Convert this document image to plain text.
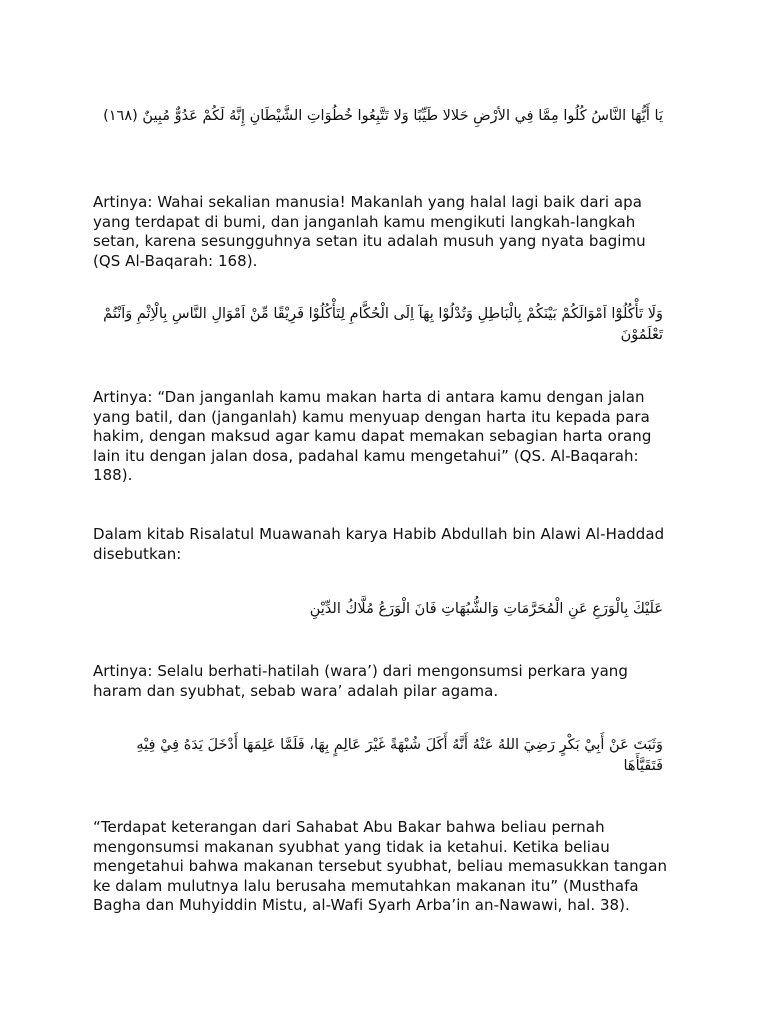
يَا أَيُّهَا النَّاسُ كُلُوا مِمَّا فِي الأرْضِ حَلالا طَيِّبًا وَلا تَتَّبِعُوا خُطُوَاتِ الشَّيْطَانِ إِنَّهُ لَكُمْ عَدُوٌّ مُبِينٌ (١٦٨)

Artinya: Wahai sekalian manusia! Makanlah yang halal lagi baik dari apa yang terdapat di bumi, dan janganlah kamu mengikuti langkah-langkah setan, karena sesungguhnya setan itu adalah musuh yang nyata bagimu (QS Al-Baqarah: 168).

وَلَا تَأْكُلُوْٓا اَمْوَالَكُمْ بَيْنَكُمْ بِالْبَاطِلِ وَتُدْلُوْا بِهَآ اِلَى الْحُكَّامِ لِتَأْكُلُوْا فَرِيْقًا مِّنْ اَمْوَالِ النَّاسِ بِالْاِثْمِ وَاَنْتُمْ تَعْلَمُوْنَ

Artinya: “Dan janganlah kamu makan harta di antara kamu dengan jalan yang batil, dan (janganlah) kamu menyuap dengan harta itu kepada para hakim, dengan maksud agar kamu dapat memakan sebagian harta orang lain itu dengan jalan dosa, padahal kamu mengetahui” (QS. Al-Baqarah: 188).

Dalam kitab Risalatul Muawanah karya Habib Abdullah bin Alawi Al-Haddad disebutkan:

عَلَيْكَ بِالْوَرَعِ عَنِ الْمُحَرَّمَاتِ وَالشُّبُهَاتِ فَانَ الْوَرَعُ مُلَّاكُ الدِّيْنِ

Artinya: Selalu berhati-hatilah (wara’) dari mengonsumsi perkara yang haram dan syubhat, sebab wara’ adalah pilar agama.

وَثَبَتَ عَنْ أَبِيْ بَكْرٍ رَضِيَ اللهُ عَنْهُ أَنَّهُ أَكَلَ شُبْهَةً غَيْرَ عَالِمٍ بِهَا، فَلَمَّا عَلِمَهَا أَدْخَلَ يَدَهُ فِيْ فِيْهِ فَتَقَيَّأَهَا

“Terdapat keterangan dari Sahabat Abu Bakar bahwa beliau pernah mengonsumsi makanan syubhat yang tidak ia ketahui. Ketika beliau mengetahui bahwa makanan tersebut syubhat, beliau memasukkan tangan ke dalam mulutnya lalu berusaha memutahkan makanan itu” (Musthafa Bagha dan Muhyiddin Mistu, al-Wafi Syarh Arba’in an-Nawawi, hal. 38).
